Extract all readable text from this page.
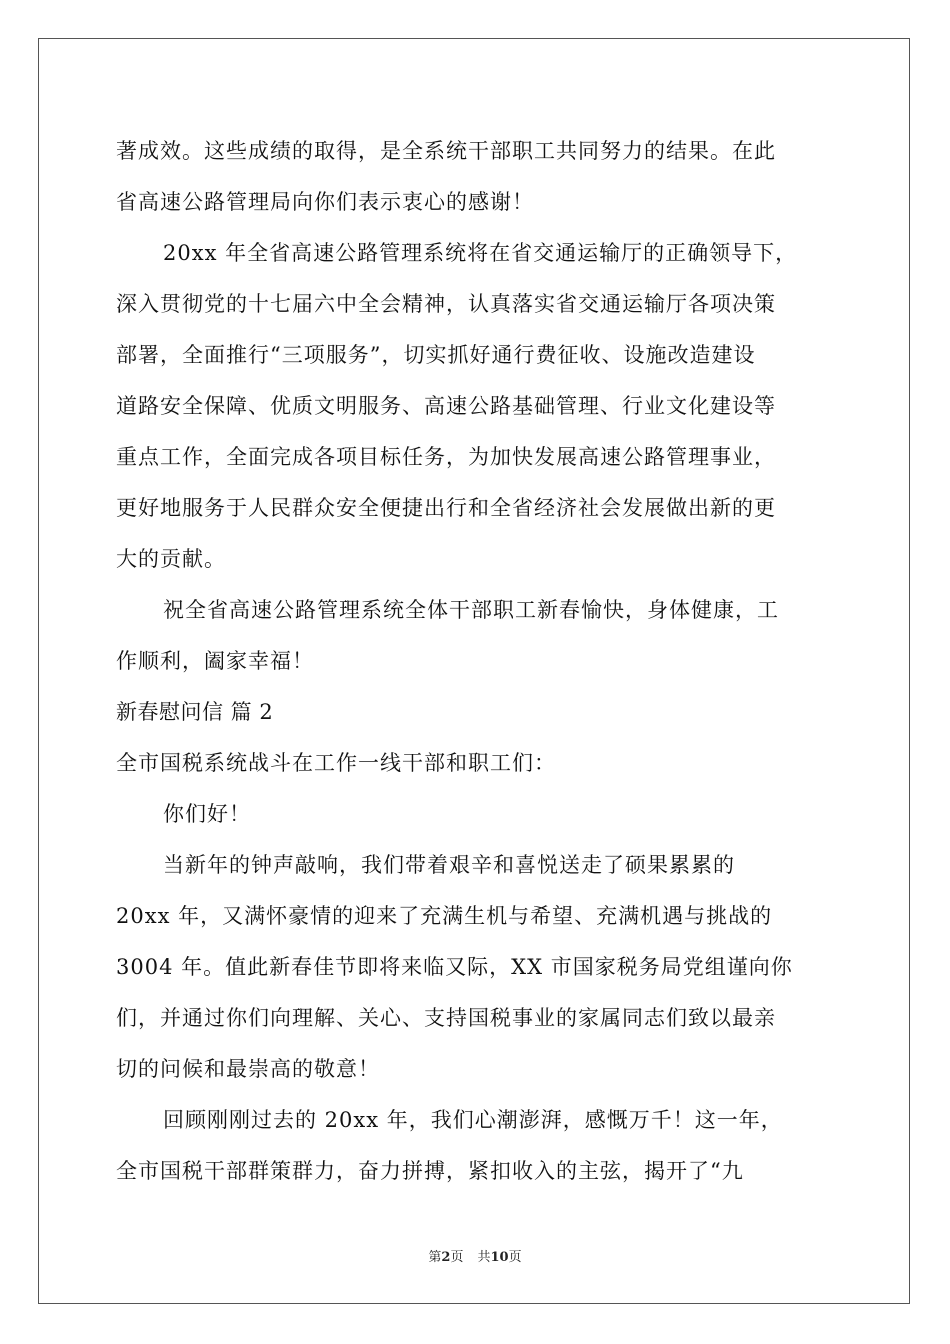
著成效。这些成绩的取得，是全系统干部职工共同努力的结果。在此
省高速公路管理局向你们表示衷心的感谢！
20xx 年全省高速公路管理系统将在省交通运输厅的正确领导下，
深入贯彻党的十七届六中全会精神，认真落实省交通运输厅各项决策
部署，全面推行“三项服务”，切实抓好通行费征收、设施改造建设
道路安全保障、优质文明服务、高速公路基础管理、行业文化建设等
重点工作，全面完成各项目标任务，为加快发展高速公路管理事业，
更好地服务于人民群众安全便捷出行和全省经济社会发展做出新的更
大的贡献。
祝全省高速公路管理系统全体干部职工新春愉快，身体健康，工
作顺利，阖家幸福！
新春慰问信 篇 2
全市国税系统战斗在工作一线干部和职工们：
你们好！
当新年的钟声敲响，我们带着艰辛和喜悦送走了硕果累累的
20xx 年，又满怀豪情的迎来了充满生机与希望、充满机遇与挑战的
3004 年。值此新春佳节即将来临又际，XX 市国家税务局党组谨向你
们，并通过你们向理解、关心、支持国税事业的家属同志们致以最亲
切的问候和最崇高的敬意！
回顾刚刚过去的 20xx 年，我们心潮澎湃，感慨万千！这一年，
全市国税干部群策群力，奋力拼搏，紧扣收入的主弦，揭开了“九
第2页 共10页
